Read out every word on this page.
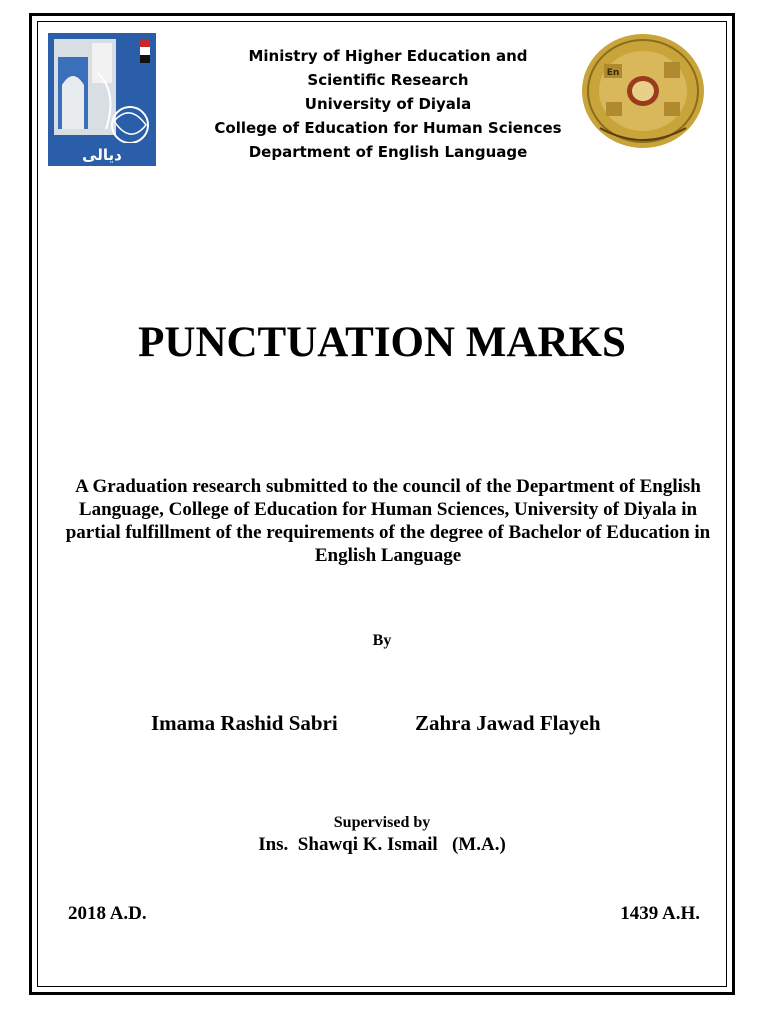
ديالى
En
Ministry of Higher Education and
Scientific Research
University of Diyala
College of Education for Human Sciences
Department of English Language
PUNCTUATION MARKS
A Graduation research submitted to the council of the Department of English Language, College of Education for Human Sciences, University of Diyala in partial fulfillment of the requirements of the degree of Bachelor of Education in English Language
By
Imama Rashid Sabri	Zahra Jawad Flayeh
Supervised by
Ins.  Shawqi K. Ismail   (M.A.)
2018 A.D.	1439 A.H.
